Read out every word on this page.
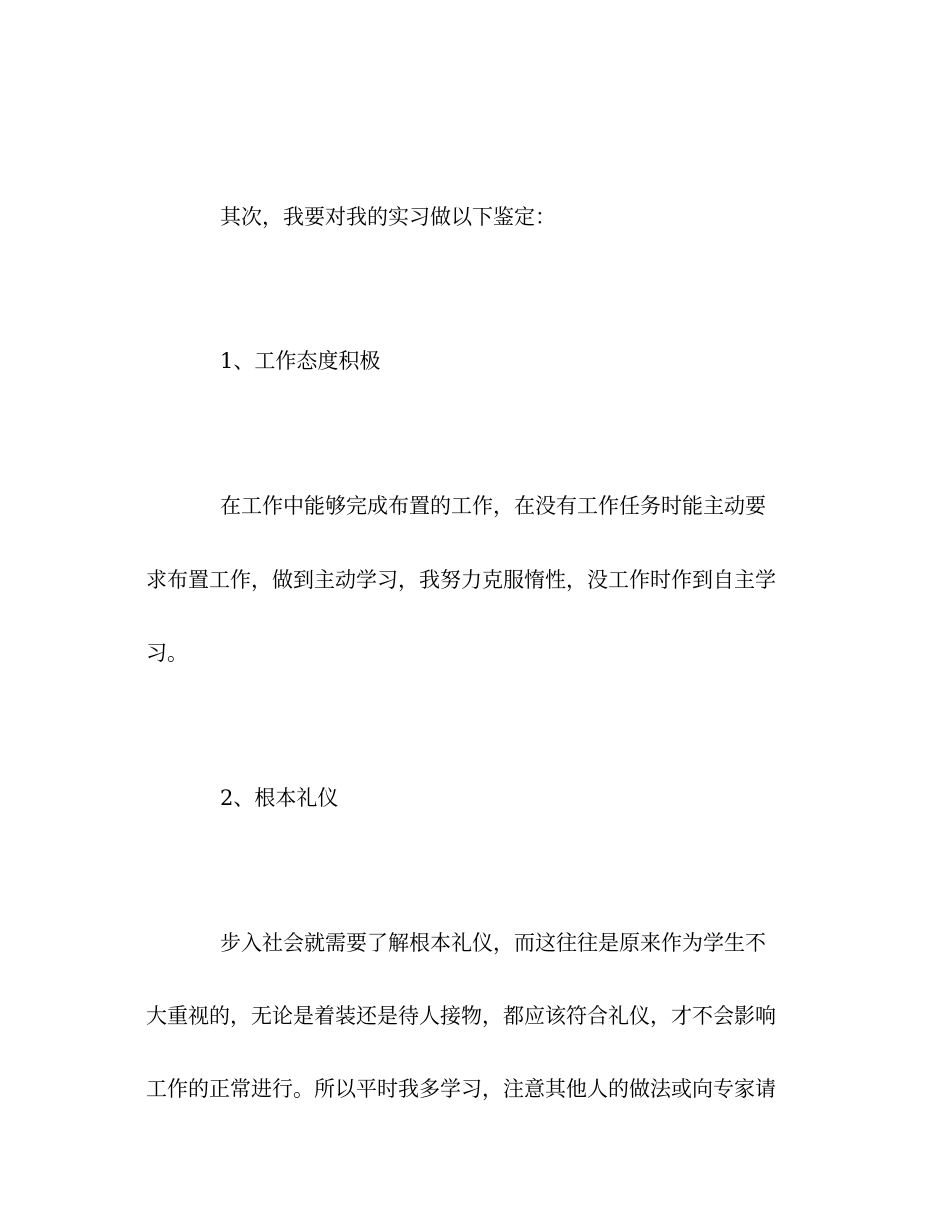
其次，我要对我的实习做以下鉴定：

1、工作态度积极

在工作中能够完成布置的工作，在没有工作任务时能主动要

求布置工作，做到主动学习，我努力克服惰性，没工作时作到自主学

习。

2、根本礼仪

步入社会就需要了解根本礼仪，而这往往是原来作为学生不

大重视的，无论是着装还是待人接物，都应该符合礼仪，才不会影响

工作的正常进行。所以平时我多学习，注意其他人的做法或向专家请
